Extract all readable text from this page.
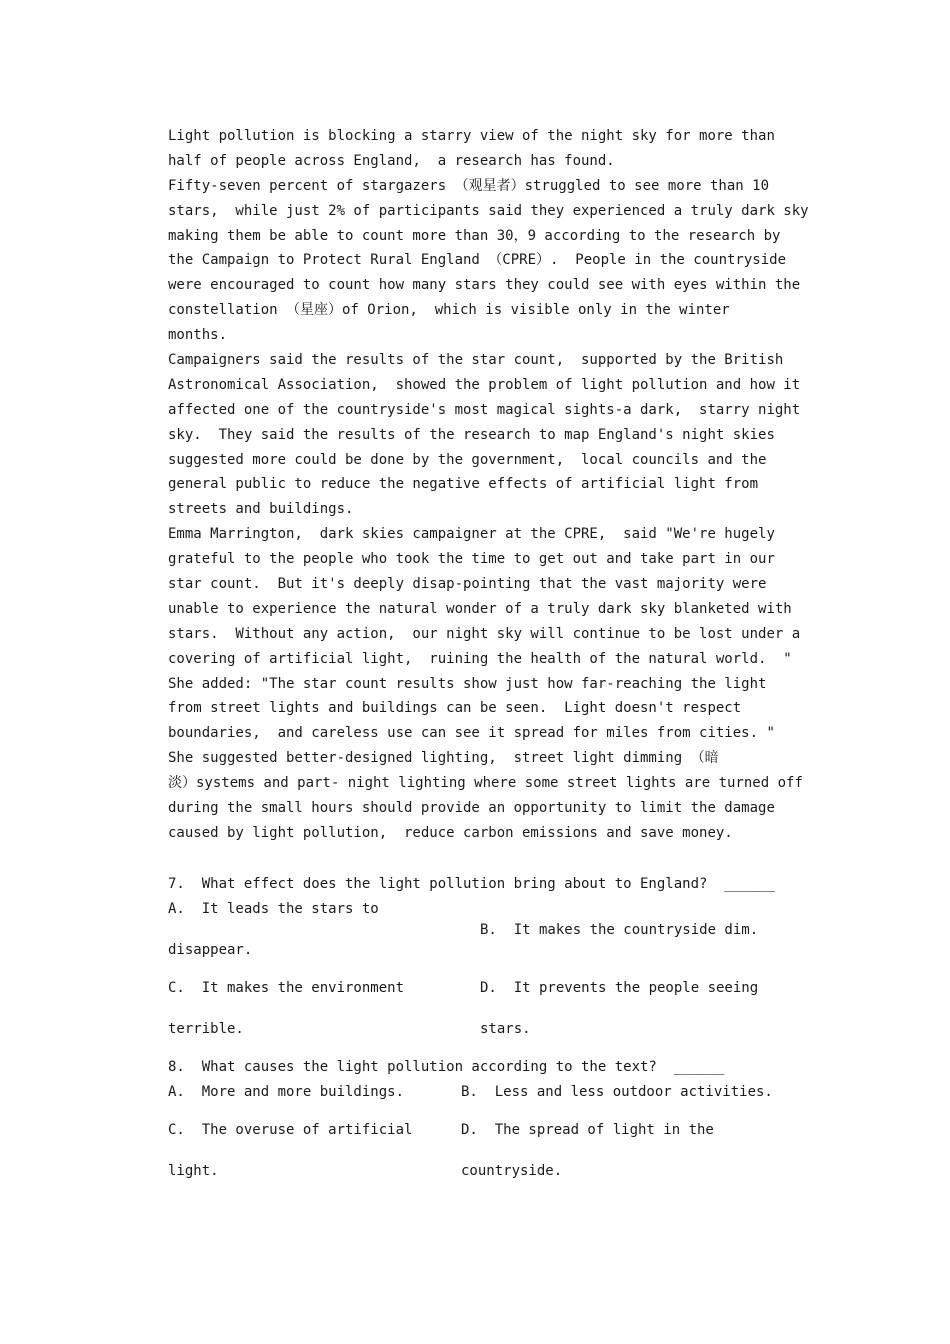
Light pollution is blocking a starry view of the night sky for more than
half of people across England,  a research has found.
Fifty-seven percent of stargazers （观星者）struggled to see more than 10
stars,  while just 2% of participants said they experienced a truly dark sky
making them be able to count more than 30，9 according to the research by
the Campaign to Protect Rural England （CPRE）.  People in the countryside
were encouraged to count how many stars they could see with eyes within the
constellation （星座）of Orion,  which is visible only in the winter
months.
Campaigners said the results of the star count,  supported by the British
Astronomical Association,  showed the problem of light pollution and how it
affected one of the countryside's most magical sights-a dark,  starry night
sky.  They said the results of the research to map England's night skies
suggested more could be done by the government,  local councils and the
general public to reduce the negative effects of artificial light from
streets and buildings.
Emma Marrington,  dark skies campaigner at the CPRE,  said "We're hugely
grateful to the people who took the time to get out and take part in our
star count.  But it's deeply disap-pointing that the vast majority were
unable to experience the natural wonder of a truly dark sky blanketed with
stars.  Without any action,  our night sky will continue to be lost under a
covering of artificial light,  ruining the health of the natural world.  "
She added: "The star count results show just how far-reaching the light
from street lights and buildings can be seen.  Light doesn't respect
boundaries,  and careless use can see it spread for miles from cities. "
She suggested better-designed lighting,  street light dimming （暗
淡）systems and part- night lighting where some street lights are turned off
during the small hours should provide an opportunity to limit the damage
caused by light pollution,  reduce carbon emissions and save money.

7.  What effect does the light pollution bring about to England?  ______

A.  It leads the stars to

disappear.

B.  It makes the countryside dim.

C.  It makes the environment

terrible.

D.  It prevents the people seeing

stars.

8.  What causes the light pollution according to the text?  ______

A.  More and more buildings.

	B.  Less and less outdoor activities.

C.  The overuse of artificial

light.

D.  The spread of light in the

countryside.
